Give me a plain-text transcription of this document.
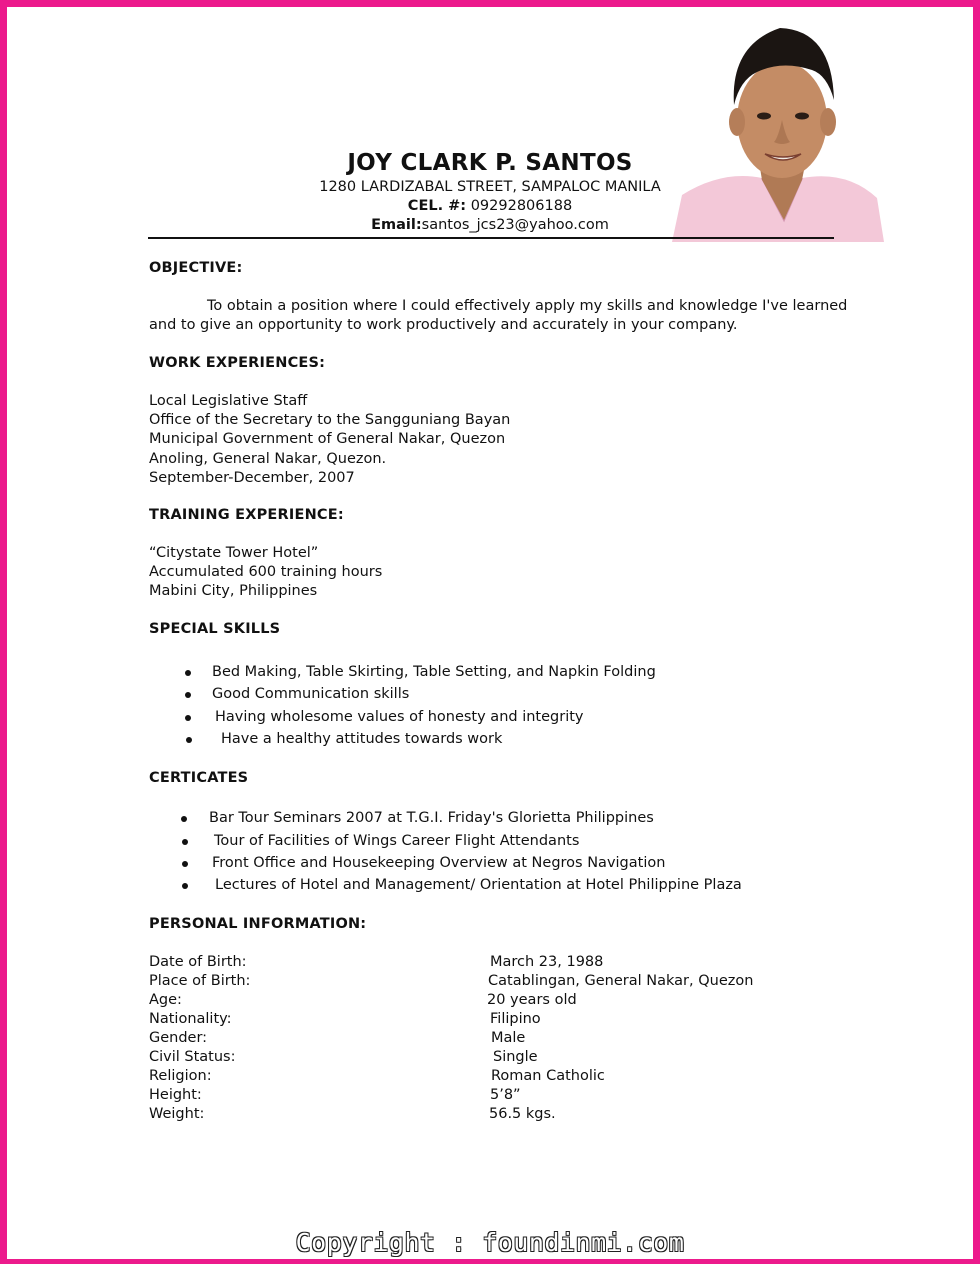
JOY CLARK P. SANTOS
1280 LARDIZABAL STREET, SAMPALOC MANILA
CEL. #: 09292806188
Email:santos_jcs23@yahoo.com
OBJECTIVE:
To obtain a position where I could effectively apply my skills and knowledge I've learned
and to give an opportunity to work productively and accurately in your company.
WORK EXPERIENCES:
Local Legislative Staff
Office of the Secretary to the Sangguniang Bayan
Municipal Government of General Nakar, Quezon
Anoling, General Nakar, Quezon.
September-December, 2007
TRAINING EXPERIENCE:
“Citystate Tower Hotel”
Accumulated 600 training hours
Mabini City, Philippines
SPECIAL SKILLS
Bed Making, Table Skirting, Table Setting, and Napkin Folding
Good Communication skills
Having wholesome values of honesty and integrity
Have a healthy attitudes towards work
CERTICATES
Bar Tour Seminars 2007 at T.G.I. Friday's Glorietta Philippines
Tour of Facilities of Wings Career Flight Attendants
Front Office and Housekeeping Overview at Negros Navigation
Lectures of Hotel and Management/ Orientation at Hotel Philippine Plaza
PERSONAL INFORMATION:
Date of Birth:	March 23, 1988
Place of Birth:	Catablingan, General Nakar, Quezon
Age:	20 years old
Nationality:	Filipino
Gender:	Male
Civil Status:	Single
Religion:	Roman Catholic
Height:	5’8”
Weight:	56.5 kgs.
Copyright : foundinmi.com
